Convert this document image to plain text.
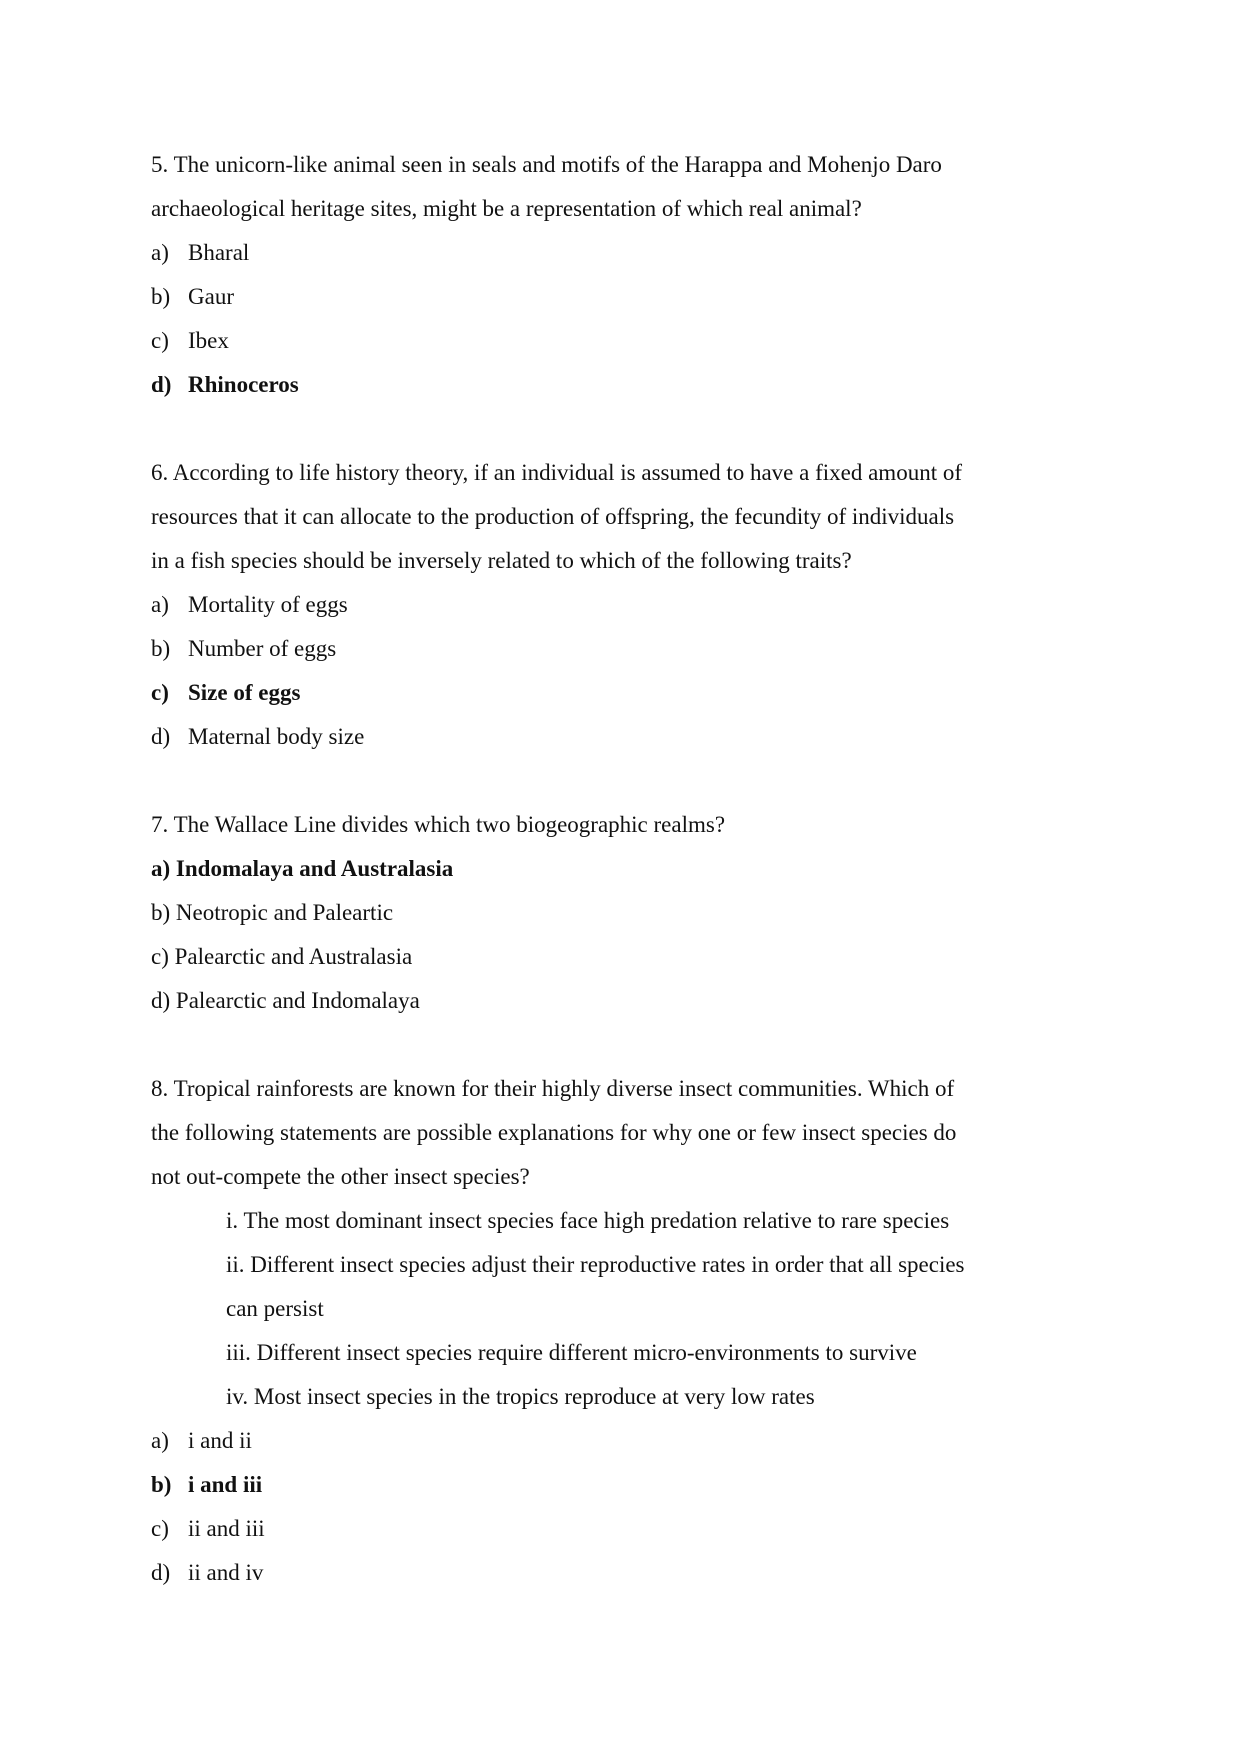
5. The unicorn-like animal seen in seals and motifs of the Harappa and Mohenjo Daro
archaeological heritage sites, might be a representation of which real animal?
a) Bharal
b) Gaur
c) Ibex
d) Rhinoceros
6. According to life history theory, if an individual is assumed to have a fixed amount of
resources that it can allocate to the production of offspring, the fecundity of individuals
in a fish species should be inversely related to which of the following traits?
a) Mortality of eggs
b) Number of eggs
c) Size of eggs
d) Maternal body size
7. The Wallace Line divides which two biogeographic realms?
a) Indomalaya and Australasia
b) Neotropic and Paleartic
c) Palearctic and Australasia
d) Palearctic and Indomalaya
8. Tropical rainforests are known for their highly diverse insect communities. Which of
the following statements are possible explanations for why one or few insect species do
not out-compete the other insect species?
i. The most dominant insect species face high predation relative to rare species
ii. Different insect species adjust their reproductive rates in order that all species
can persist
iii. Different insect species require different micro-environments to survive
iv. Most insect species in the tropics reproduce at very low rates
a) i and ii
b) i and iii
c) ii and iii
d) ii and iv
